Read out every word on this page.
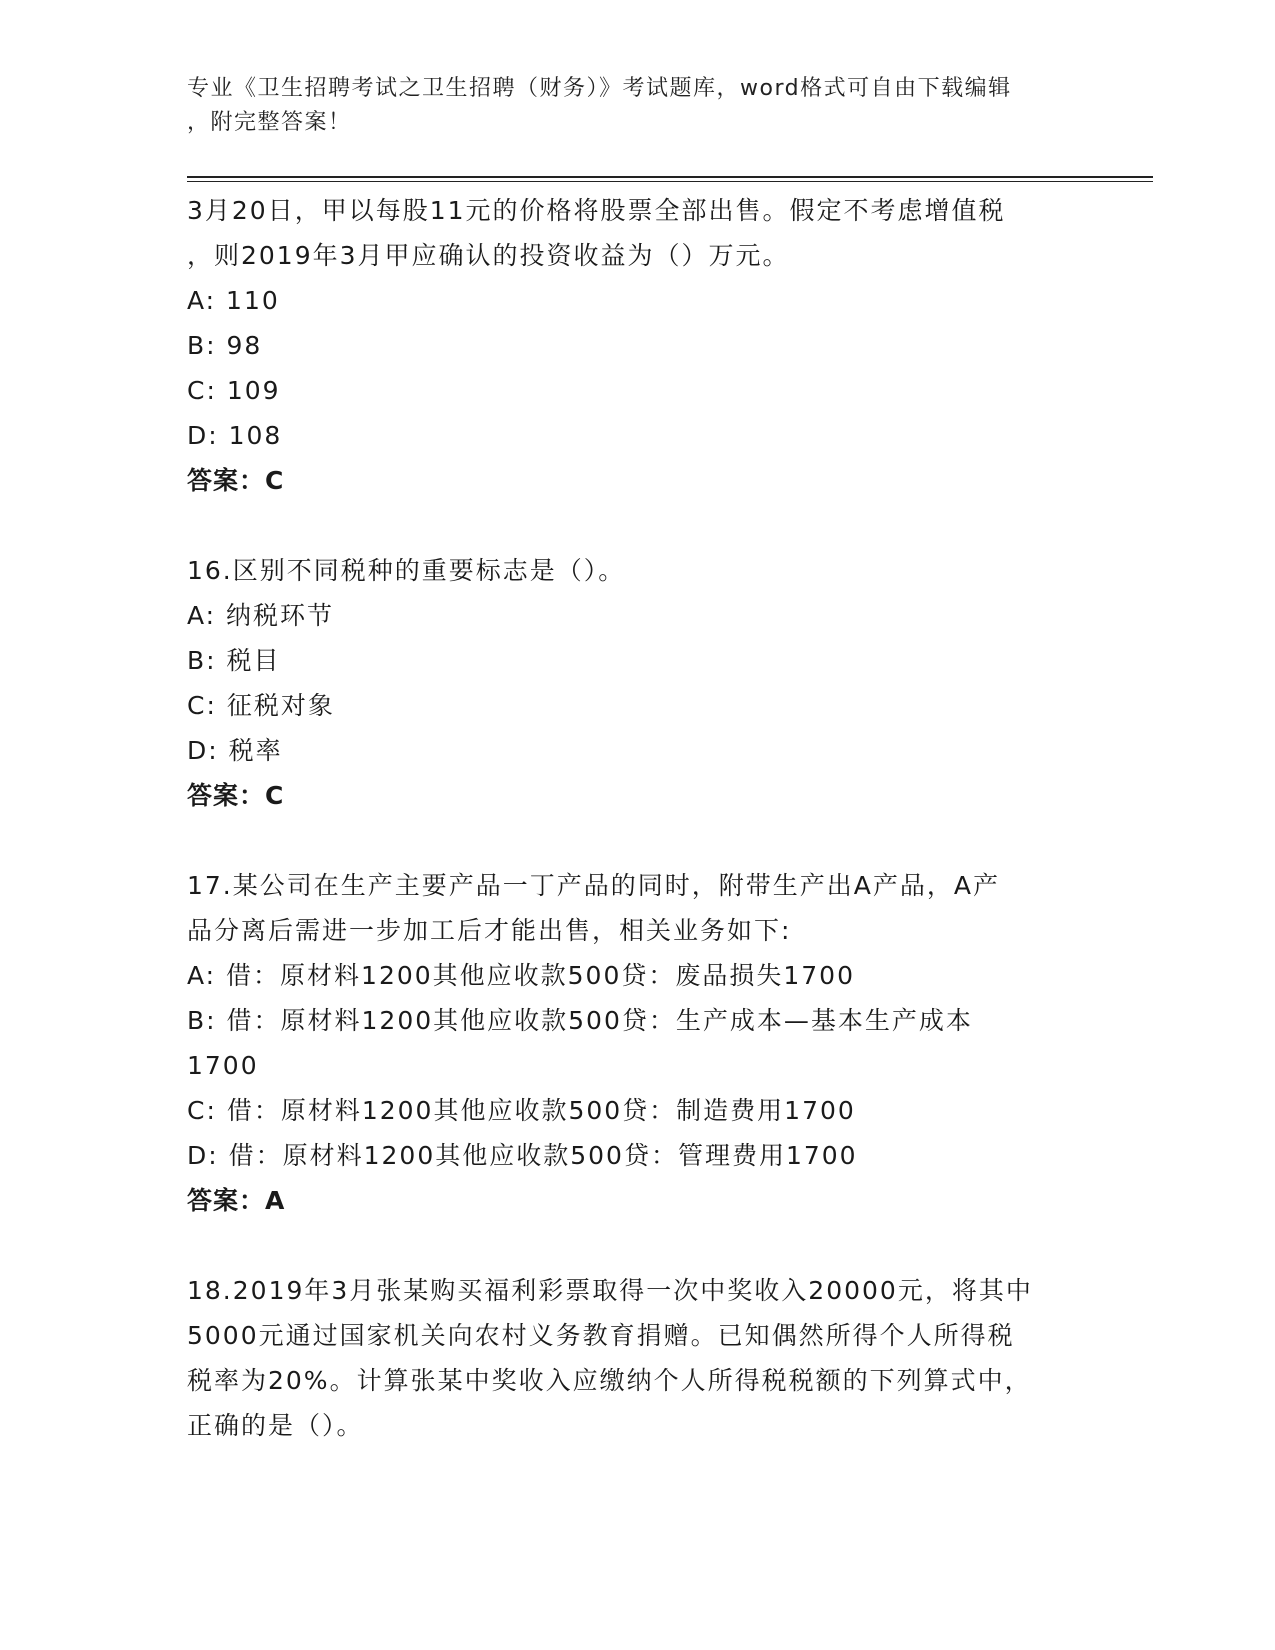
专业《卫生招聘考试之卫生招聘（财务）》考试题库，word格式可自由下载编辑
，附完整答案！
3月20日，甲以每股11元的价格将股票全部出售。假定不考虑增值税
，则2019年3月甲应确认的投资收益为（）万元。
A: 110
B: 98
C: 109
D: 108
答案：C
16.区别不同税种的重要标志是（）。
A: 纳税环节
B: 税目
C: 征税对象
D: 税率
答案：C
17.某公司在生产主要产品一丁产品的同时，附带生产出A产品，A产
品分离后需进一步加工后才能出售，相关业务如下:
A: 借：原材料1200其他应收款500贷：废品损失1700
B: 借：原材料1200其他应收款500贷：生产成本—基本生产成本
1700
C: 借：原材料1200其他应收款500贷：制造费用1700
D: 借：原材料1200其他应收款500贷：管理费用1700
答案：A
18.2019年3月张某购买福利彩票取得一次中奖收入20000元，将其中
5000元通过国家机关向农村义务教育捐赠。已知偶然所得个人所得税
税率为20%。计算张某中奖收入应缴纳个人所得税税额的下列算式中，
正确的是（）。
